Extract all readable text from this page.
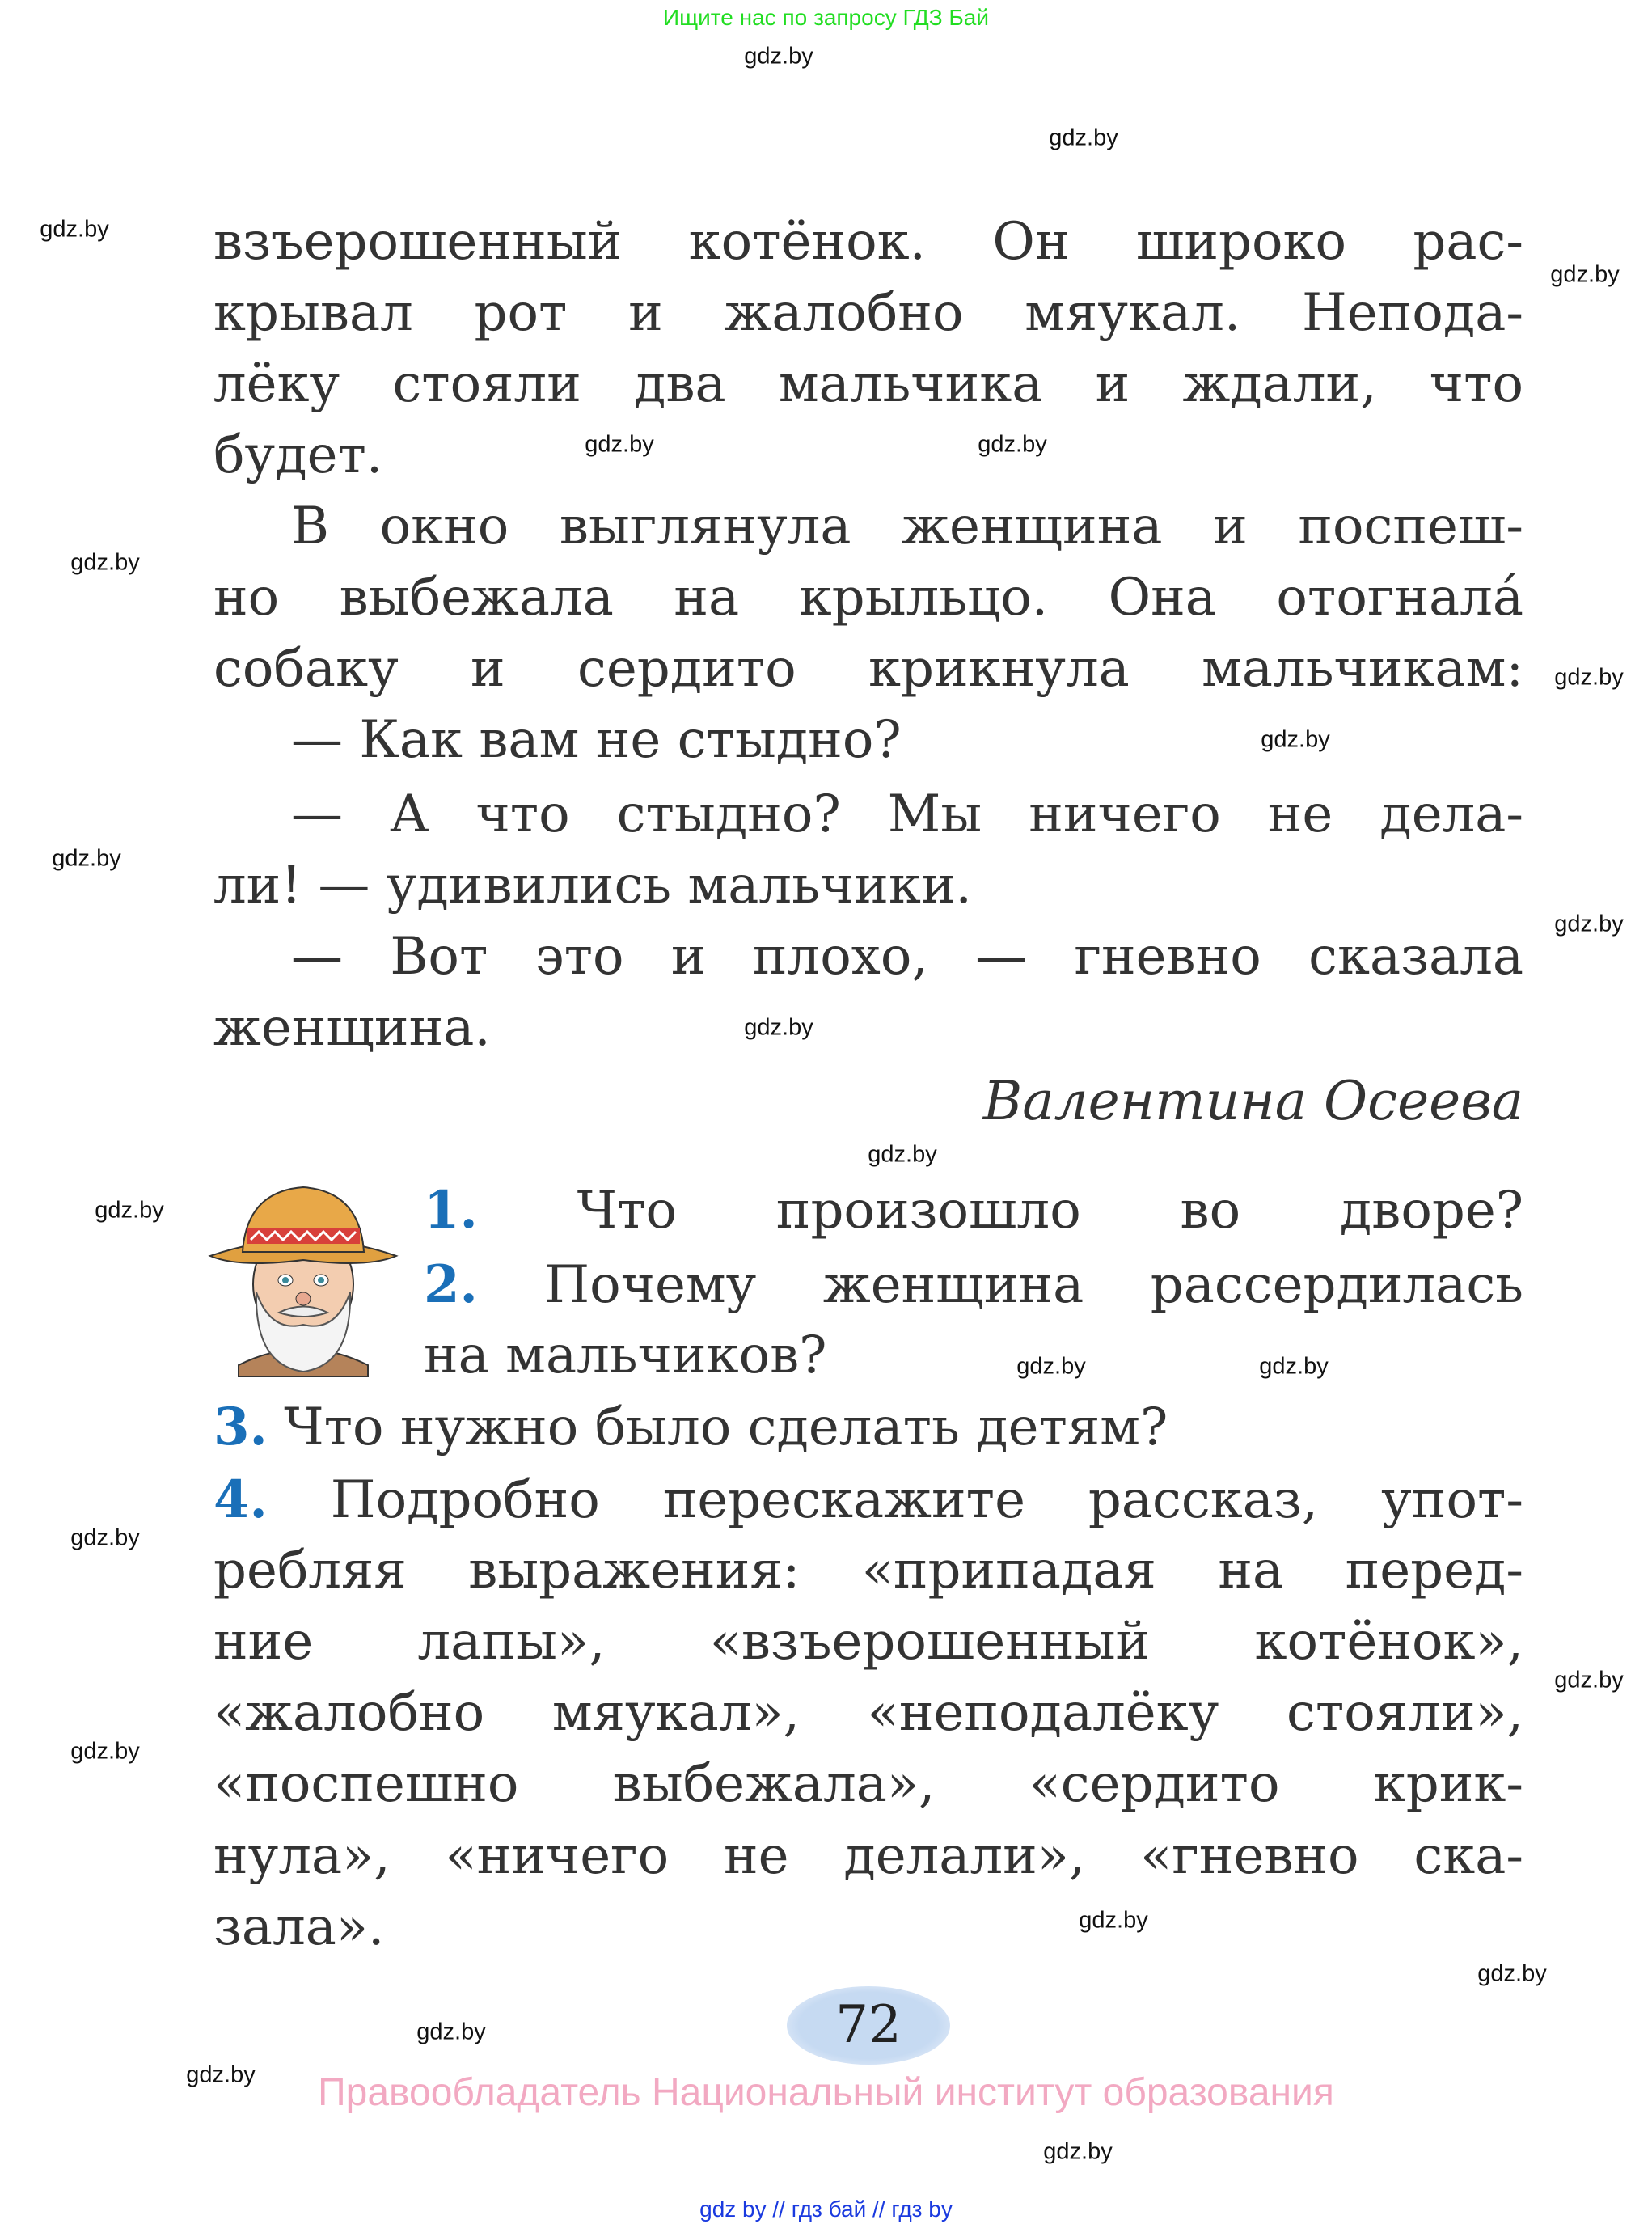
Ищите нас по запросу ГДЗ Бай
взъерошенный котёнок. Он широко рас-
крывал рот и жалобно мяукал. Непода-
лёку стояли два мальчика и ждали, что
будет.
В окно выглянула женщина и поспеш-
но выбежала на крыльцо. Она отогнала́
собаку и сердито крикнула мальчикам:
— Как вам не стыдно?
— А что стыдно? Мы ничего не дела-
ли! — удивились мальчики.
— Вот это и плохо, — гневно сказала
женщина.
Валентина Осеева
1. Что произошло во дворе?
2. Почему женщина рассердилась
на мальчиков?
3. Что нужно было сделать детям?
4. Подробно перескажите рассказ, упот-
ребляя выражения: «припадая на перед-
ние лапы», «взъерошенный котёнок»,
«жалобно мяукал», «неподалёку стояли»,
«поспешно выбежала», «сердито крик-
нула», «ничего не делали», «гневно ска-
зала».
72
Правообладатель Национальный институт образования
gdz by // гдз бай // гдз by
gdz.by
gdz.by
gdz.by
gdz.by
gdz.by
gdz.by
gdz.by
gdz.by
gdz.by
gdz.by
gdz.by
gdz.by
gdz.by
gdz.by
gdz.by	gdz.by
gdz.by
gdz.by
gdz.by
gdz.by
gdz.by
gdz.by
gdz.by
gdz.by
